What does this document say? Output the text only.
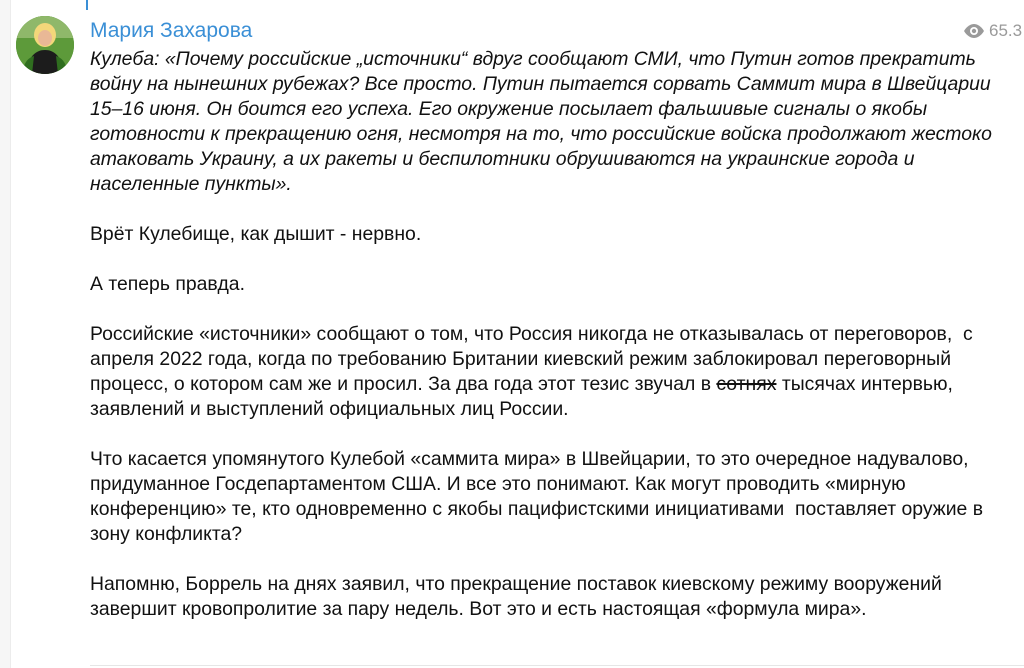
Мария Захарова	65.3

Кулеба: «Почему российские „источники“ вдруг сообщают СМИ, что Путин готов прекратить войну на нынешних рубежах? Все просто. Путин пытается сорвать Саммит мира в Швейцарии 15–16 июня. Он боится его успеха. Его окружение посылает фальшивые сигналы о якобы готовности к прекращению огня, несмотря на то, что российские войска продолжают жестоко атаковать Украину, а их ракеты и беспилотники обрушиваются на украинские города и населенные пункты».

Врёт Кулебище, как дышит - нервно.

А теперь правда.

Российские «источники» сообщают о том, что Россия никогда не отказывалась от переговоров,  с апреля 2022 года, когда по требованию Британии киевский режим заблокировал переговорный процесс, о котором сам же и просил. За два года этот тезис звучал в сотнях тысячах интервью, заявлений и выступлений официальных лиц России.

Что касается упомянутого Кулебой «саммита мира» в Швейцарии, то это очередное надувалово, придуманное Госдепартаментом США. И все это понимают. Как могут проводить «мирную конференцию» те, кто одновременно с якобы пацифистскими инициативами  поставляет оружие в зону конфликта?

Напомню, Боррель на днях заявил, что прекращение поставок киевскому режиму вооружений завершит кровопролитие за пару недель. Вот это и есть настоящая «формула мира».
